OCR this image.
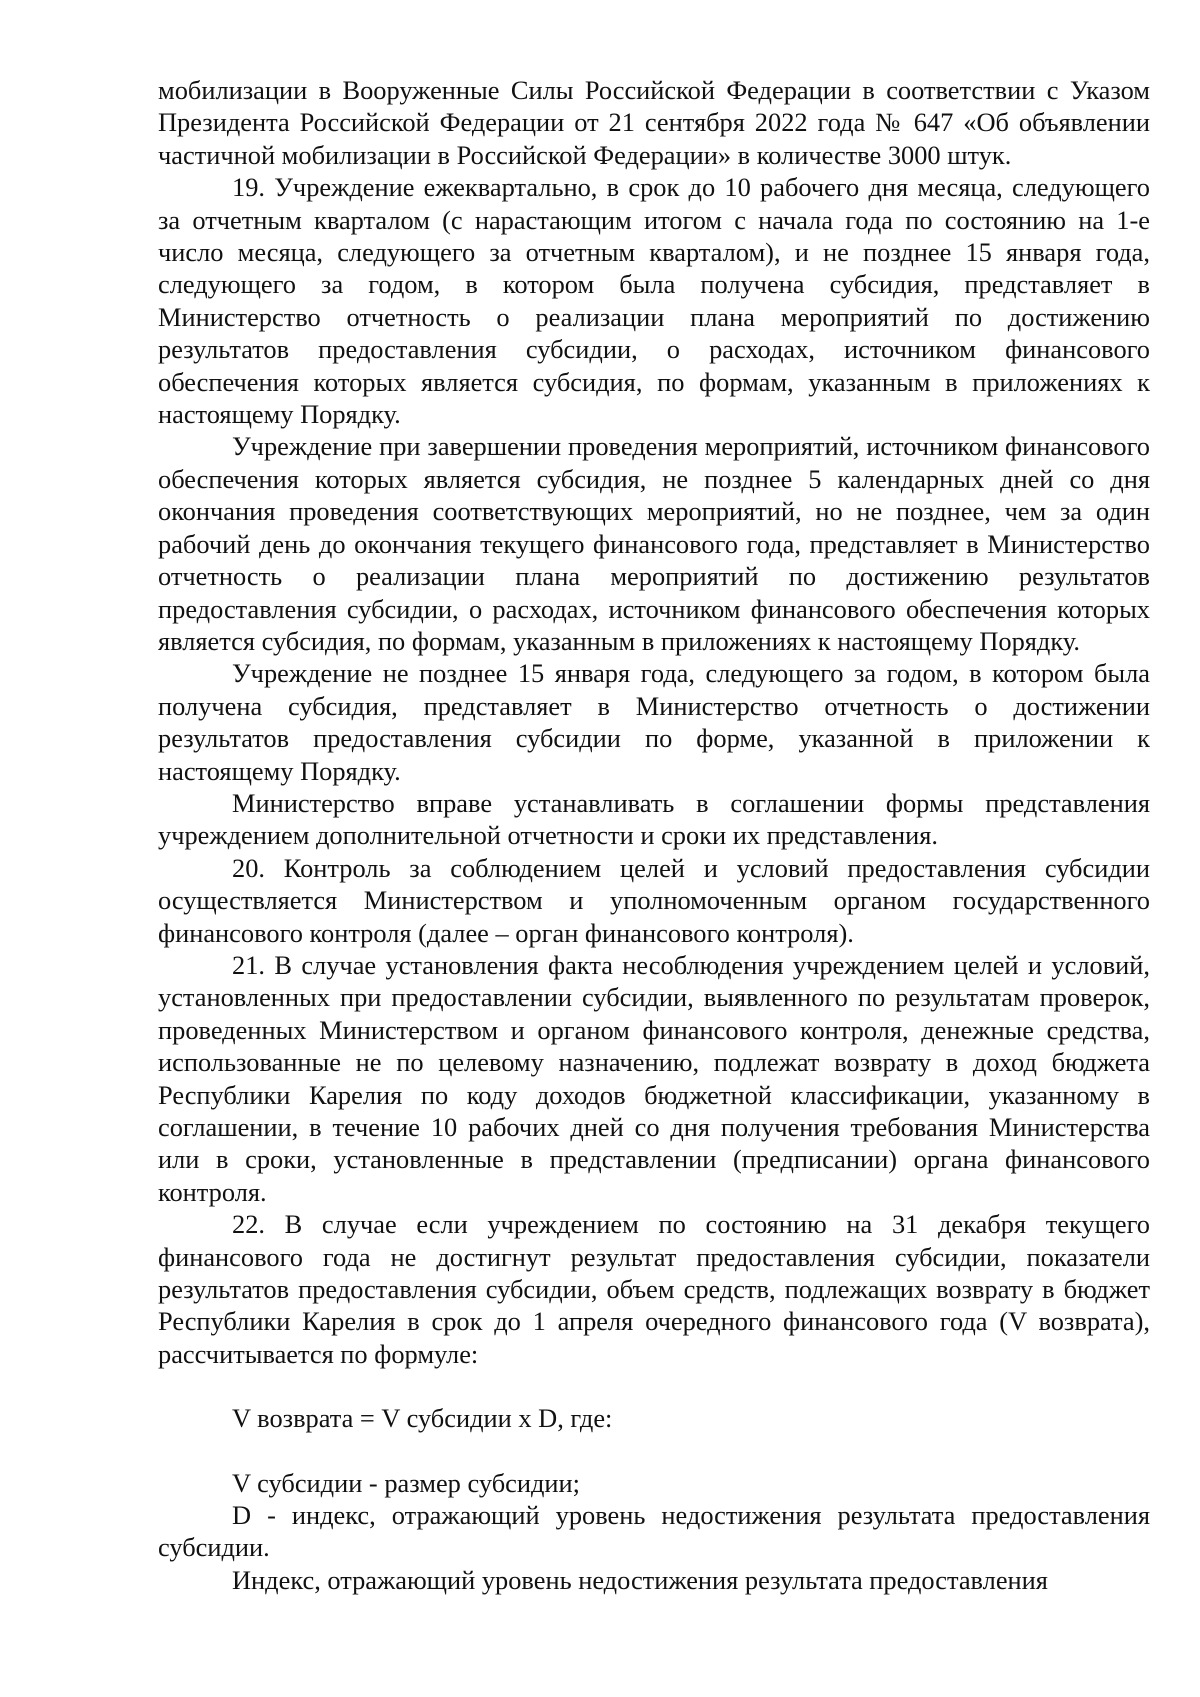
мобилизации в Вооруженные Силы Российской Федерации в соответствии с Указом Президента Российской Федерации от 21 сентября 2022 года № 647 «Об объявлении частичной мобилизации в Российской Федерации» в количестве 3000 штук.

19. Учреждение ежеквартально, в срок до 10 рабочего дня месяца, следующего за отчетным кварталом (с нарастающим итогом с начала года по состоянию на 1-е число месяца, следующего за отчетным кварталом), и не позднее 15 января года, следующего за годом, в котором была получена субсидия, представляет в Министерство отчетность о реализации плана мероприятий по достижению результатов предоставления субсидии, о расходах, источником финансового обеспечения которых является субсидия, по формам, указанным в приложениях к настоящему Порядку.

Учреждение при завершении проведения мероприятий, источником финансового обеспечения которых является субсидия, не позднее 5 календарных дней со дня окончания проведения соответствующих мероприятий, но не позднее, чем за один рабочий день до окончания текущего финансового года, представляет в Министерство отчетность о реализации плана мероприятий по достижению результатов предоставления субсидии, о расходах, источником финансового обеспечения которых является субсидия, по формам, указанным в приложениях к настоящему Порядку.

Учреждение не позднее 15 января года, следующего за годом, в котором была получена субсидия, представляет в Министерство отчетность о достижении результатов предоставления субсидии по форме, указанной в приложении к настоящему Порядку.

Министерство вправе устанавливать в соглашении формы представления учреждением дополнительной отчетности и сроки их представления.

20. Контроль за соблюдением целей и условий предоставления субсидии осуществляется Министерством и уполномоченным органом государственного финансового контроля (далее – орган финансового контроля).

21. В случае установления факта несоблюдения учреждением целей и условий, установленных при предоставлении субсидии, выявленного по результатам проверок, проведенных Министерством и органом финансового контроля, денежные средства, использованные не по целевому назначению, подлежат возврату в доход бюджета Республики Карелия по коду доходов бюджетной классификации, указанному в соглашении, в течение 10 рабочих дней со дня получения требования Министерства или в сроки, установленные в представлении (предписании) органа финансового контроля.

22. В случае если учреждением по состоянию на 31 декабря текущего финансового года не достигнут результат предоставления субсидии, показатели результатов предоставления субсидии, объем средств, подлежащих возврату в бюджет Республики Карелия в срок до 1 апреля очередного финансового года (V возврата), рассчитывается по формуле:

V возврата = V субсидии x D, где:

V субсидии - размер субсидии;

D - индекс, отражающий уровень недостижения результата предоставления субсидии.

Индекс, отражающий уровень недостижения результата предоставления
